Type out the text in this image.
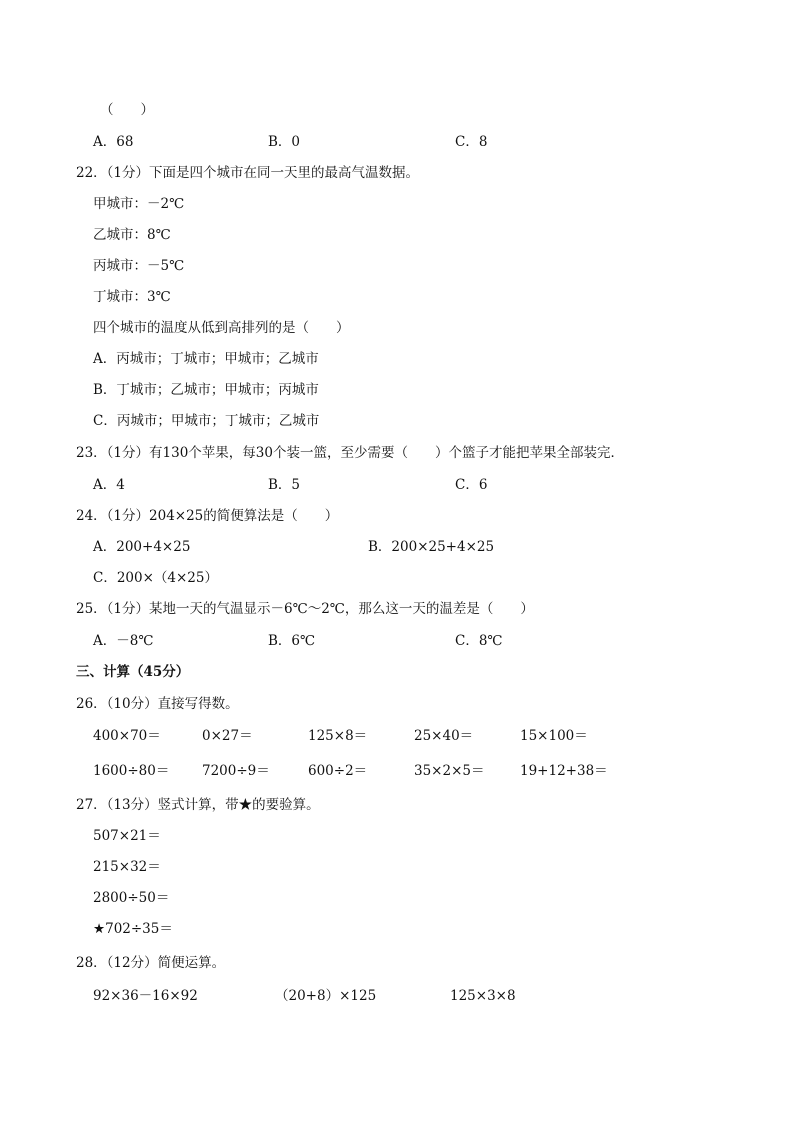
（　　）
A．68	B．0	C．8
22．（1分）下面是四个城市在同一天里的最高气温数据。
甲城市：－2℃
乙城市：8℃
丙城市：－5℃
丁城市：3℃
四个城市的温度从低到高排列的是（　　）
A．丙城市；丁城市；甲城市；乙城市
B．丁城市；乙城市；甲城市；丙城市
C．丙城市；甲城市；丁城市；乙城市
23．（1分）有130个苹果，每30个装一篮，至少需要（　　）个篮子才能把苹果全部装完．
A．4	B．5	C．6
24．（1分）204×25的简便算法是（　　）
A．200+4×25	B．200×25+4×25
C．200×（4×25）
25．（1分）某地一天的气温显示－6℃～2℃，那么这一天的温差是（　　）
A．－8℃	B．6℃	C．8℃
三、计算（45分）
26．（10分）直接写得数。
400×70＝	0×27＝	125×8＝	25×40＝	15×100＝
1600÷80＝ 7200÷9＝	600÷2＝	35×2×5＝	19+12+38＝
27．（13分）竖式计算，带★的要验算。
507×21＝
215×32＝
2800÷50＝
★702÷35＝
28．（12分）简便运算。
92×36－16×92	（20+8）×125	125×3×8
